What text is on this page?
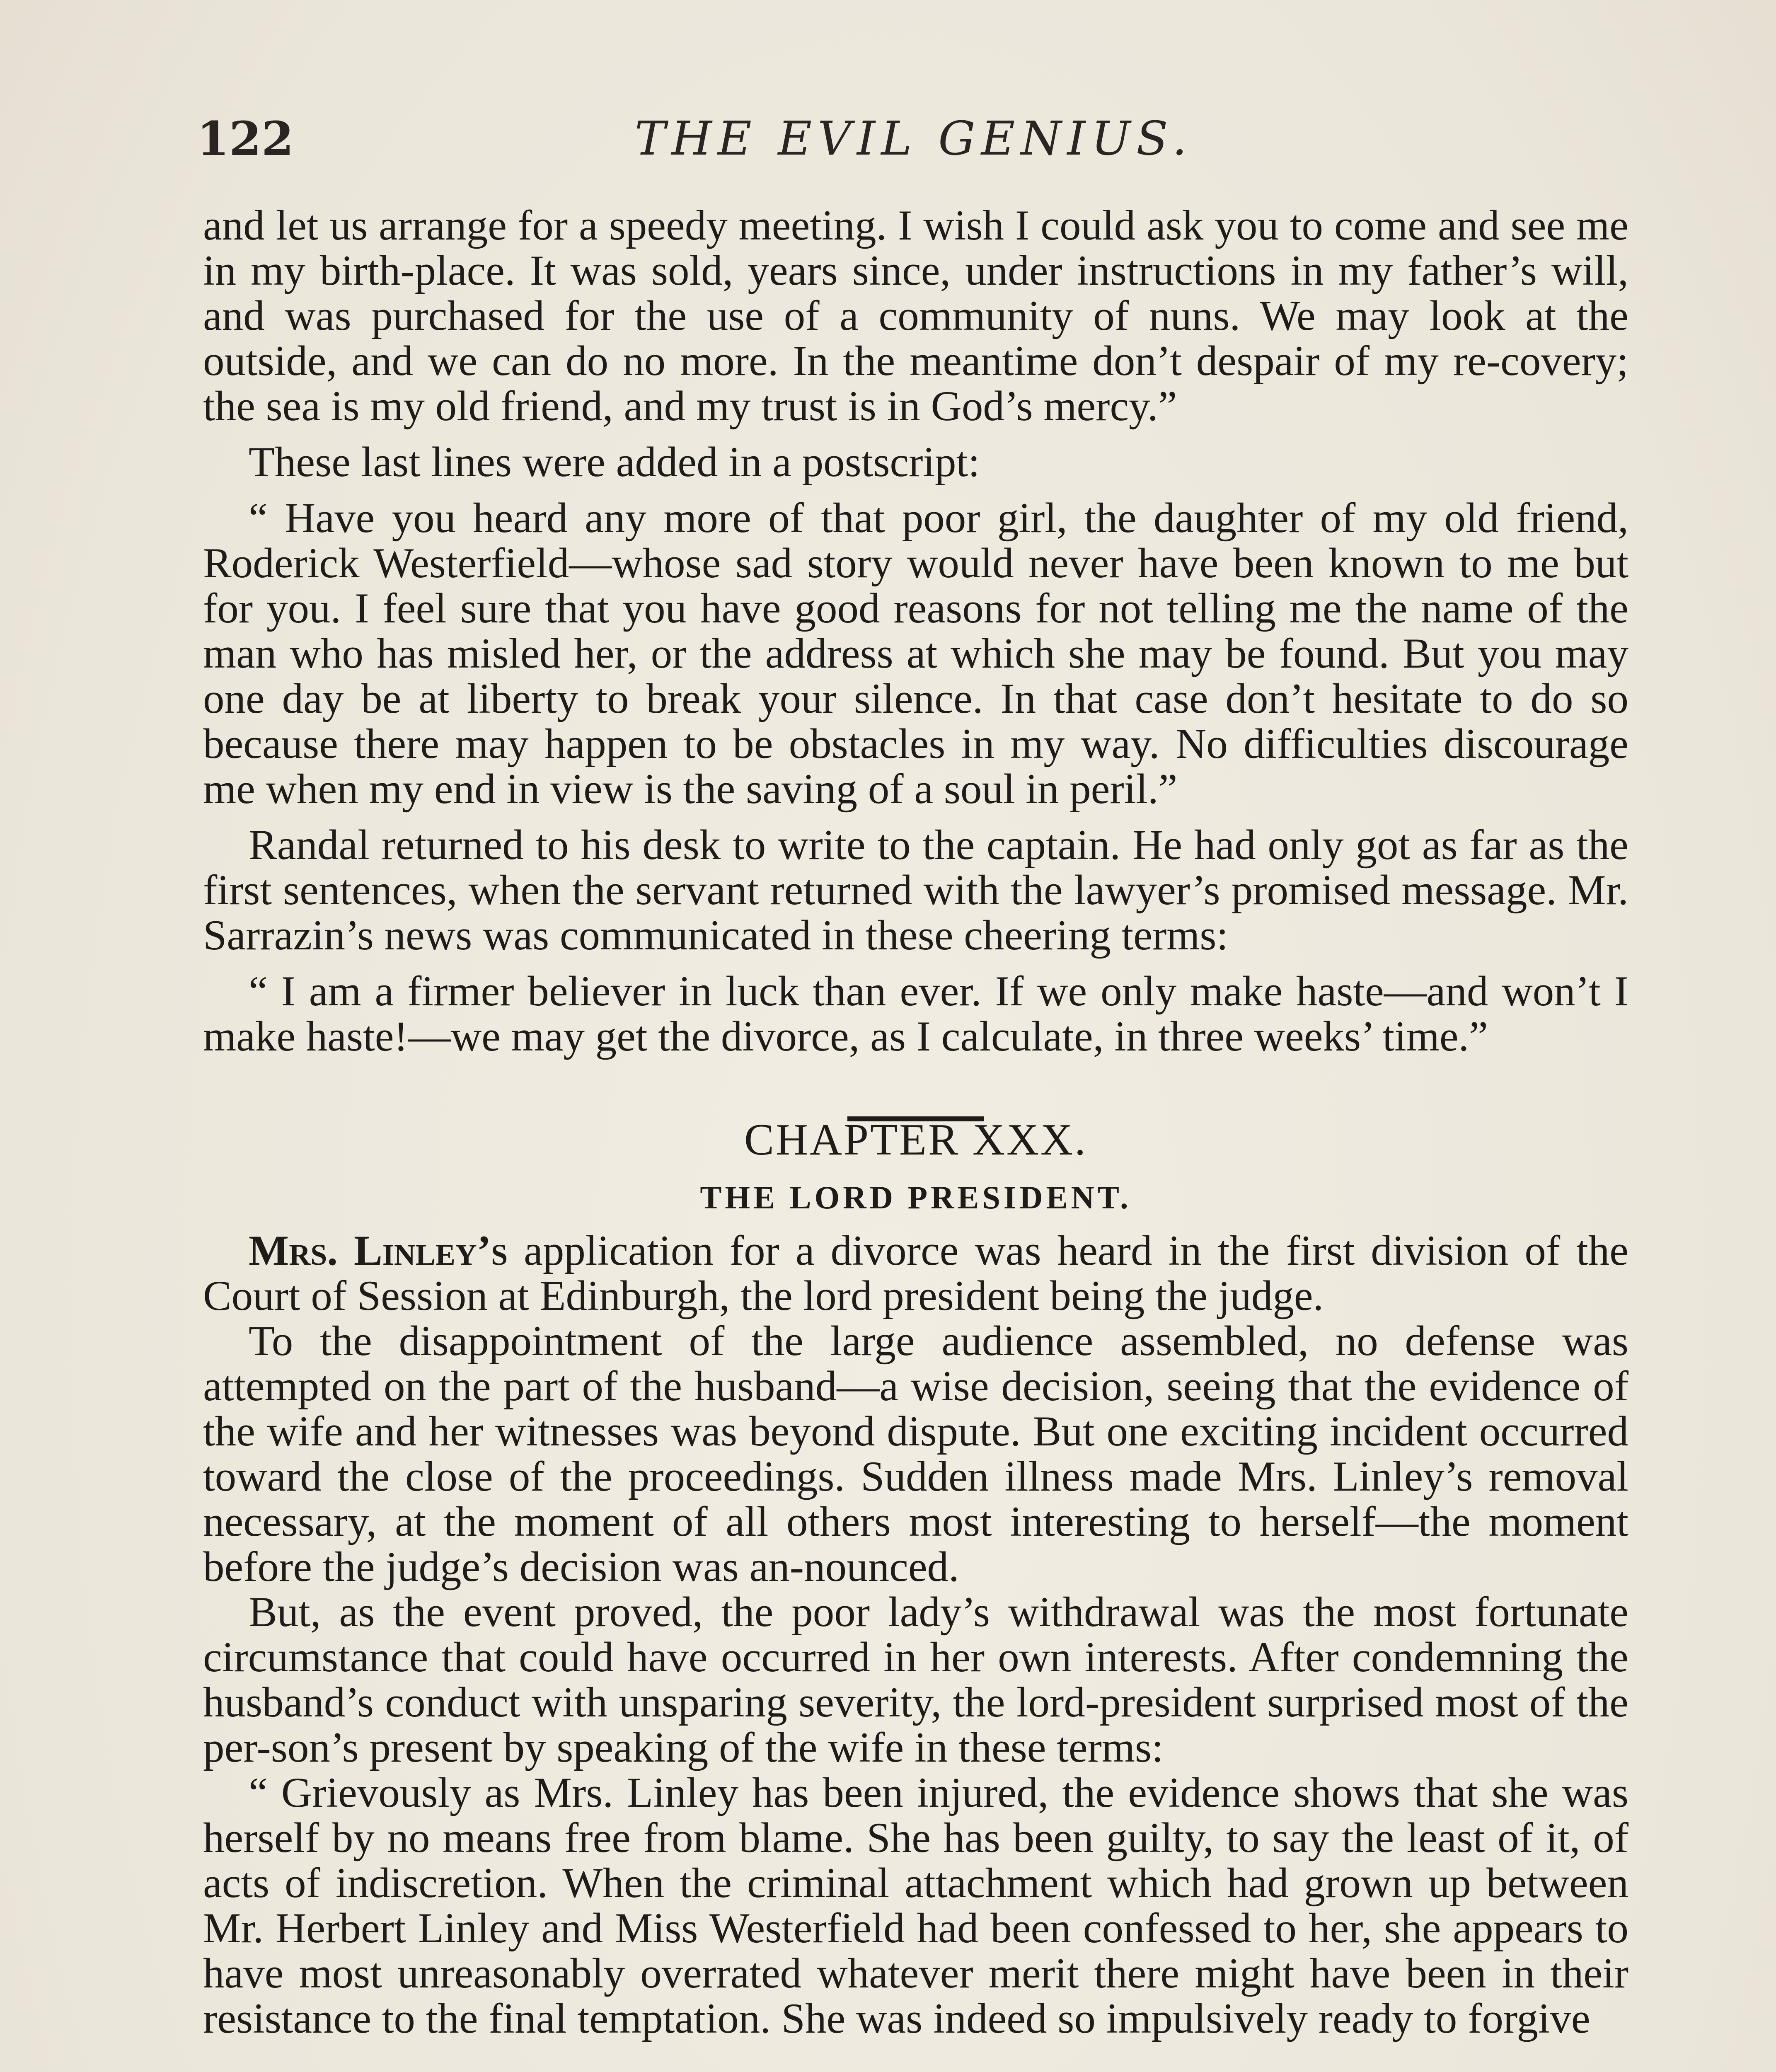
122	THE EVIL GENIUS.

and let us arrange for a speedy meeting. I wish I could ask you to come and see me in my birth-place. It was sold, years since, under instructions in my father’s will, and was purchased for the use of a community of nuns. We may look at the outside, and we can do no more. In the meantime don’t despair of my re-covery; the sea is my old friend, and my trust is in God’s mercy.”

These last lines were added in a postscript:

“ Have you heard any more of that poor girl, the daughter of my old friend, Roderick Westerfield—whose sad story would never have been known to me but for you. I feel sure that you have good reasons for not telling me the name of the man who has misled her, or the address at which she may be found. But you may one day be at liberty to break your silence. In that case don’t hesitate to do so because there may happen to be obstacles in my way. No difficulties discourage me when my end in view is the saving of a soul in peril.”

Randal returned to his desk to write to the captain. He had only got as far as the first sentences, when the servant returned with the lawyer’s promised message. Mr. Sarrazin’s news was communicated in these cheering terms:

“ I am a firmer believer in luck than ever. If we only make haste—and won’t I make haste!—we may get the divorce, as I calculate, in three weeks’ time.”

CHAPTER XXX.
THE LORD PRESIDENT.

Mrs. Linley’s application for a divorce was heard in the first division of the Court of Session at Edinburgh, the lord president being the judge.

To the disappointment of the large audience assembled, no defense was attempted on the part of the husband—a wise decision, seeing that the evidence of the wife and her witnesses was beyond dispute. But one exciting incident occurred toward the close of the proceedings. Sudden illness made Mrs. Linley’s removal necessary, at the moment of all others most interesting to herself—the moment before the judge’s decision was an-nounced.

But, as the event proved, the poor lady’s withdrawal was the most fortunate circumstance that could have occurred in her own interests. After condemning the husband’s conduct with unsparing severity, the lord-president surprised most of the per-son’s present by speaking of the wife in these terms:

“ Grievously as Mrs. Linley has been injured, the evidence shows that she was herself by no means free from blame. She has been guilty, to say the least of it, of acts of indiscretion. When the criminal attachment which had grown up between Mr. Herbert Linley and Miss Westerfield had been confessed to her, she appears to have most unreasonably overrated whatever merit there might have been in their resistance to the final temptation. She was indeed so impulsively ready to forgive
